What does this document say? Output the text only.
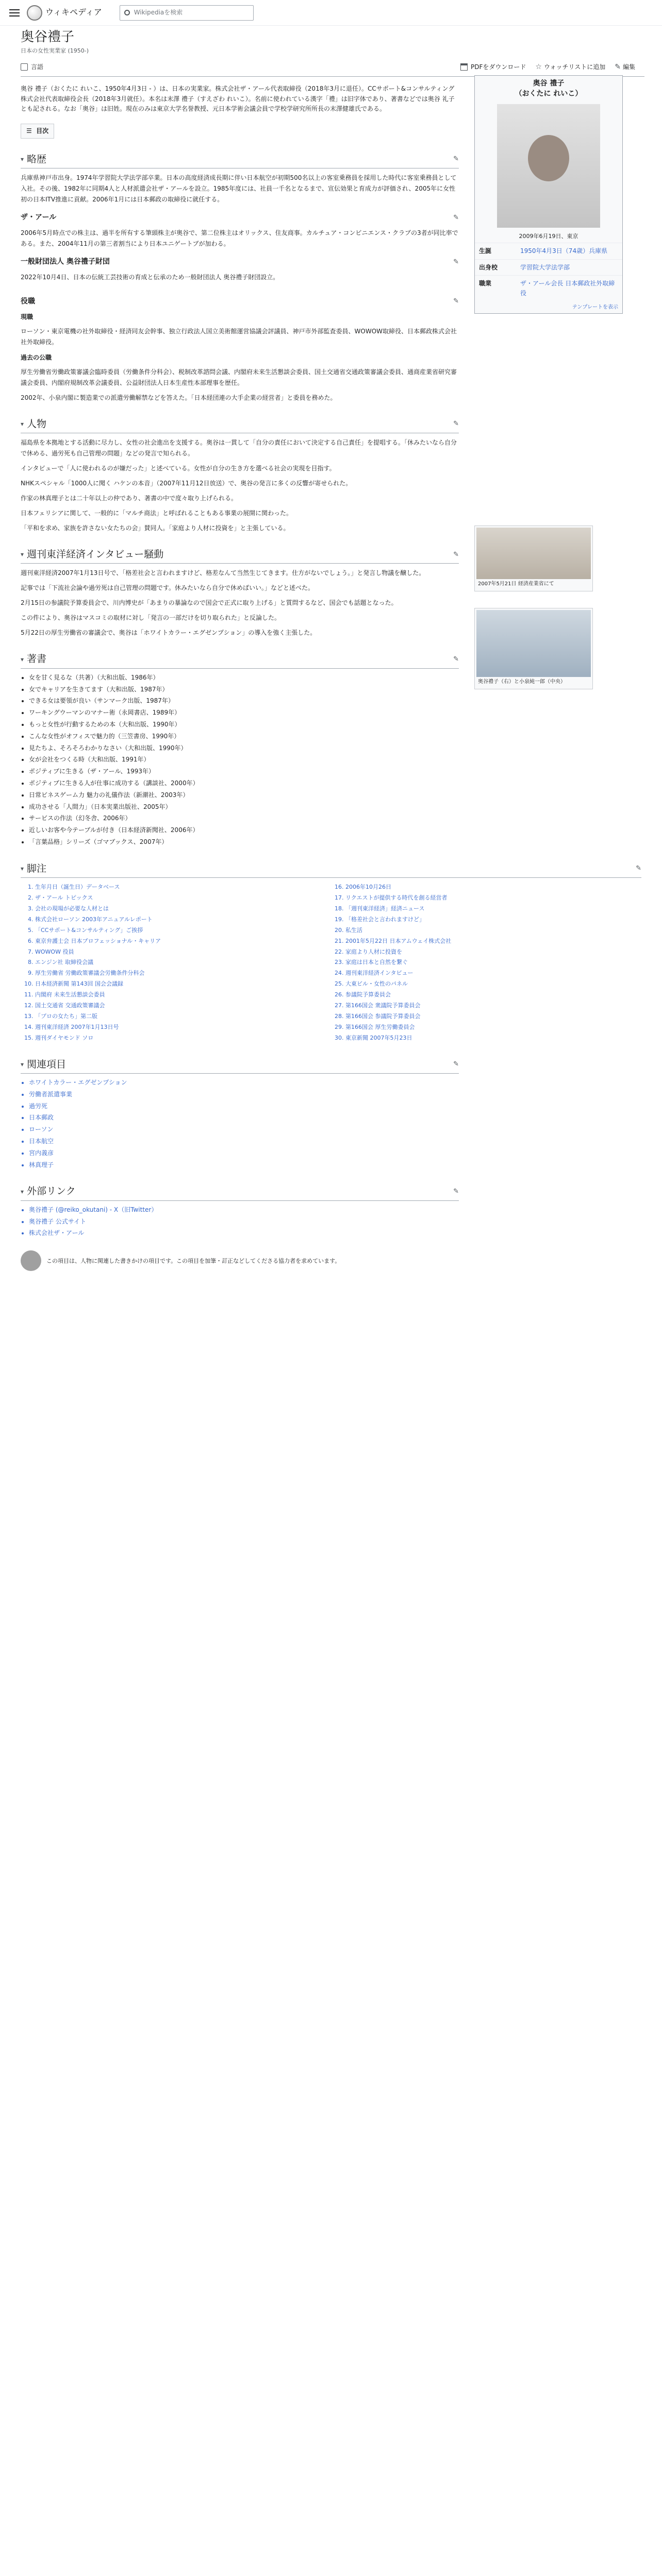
ウィキペディア	Wikipediaを検索
奥谷禮子
日本の女性実業家 (1950-)
言語	PDFをダウンロード ☆ ウォッチリストに追加 ✎ 編集

奥谷 禮子（おくたに れいこ、1950年4月3日 - ）は、日本の実業家。株式会社ザ・アール代表取締役（2018年3月に退任）。CCサポート&コンサルティング株式会社代表取締役会長（2018年3月就任）。本名は末澤 禮子（すえざわ れいこ）。名前に使われている漢字「禮」は旧字体であり、著書などでは奥谷 礼子とも記される。なお「奥谷」は旧姓。現在のみは東京大学名誉教授、元日本学術会議会員で学校学研究所所長の末澤健雄氏である。

☰ 目次
▾ 略歴	✎

兵庫県神戸市出身。1974年学習院大学法学部卒業。日本の高度経済成長期に伴い日本航空が初期500名以上の客室乗務員を採用した時代に客室乗務員として入社。その後、1982年に同期4人と人材派遣会社ザ・アールを設立。1985年度には、社員一千名となるまで、宣伝効果と育成力が評価され、2005年に女性初の日本ITV推進に貢献。2006年1月には日本郵政の取締役に就任する。

ザ・アール	✎

2006年5月時点での株主は、過半を所有する筆頭株主が奥谷で、第二位株主はオリックス、住友商事。カルチュア・コンビニエンス・クラブの3者が同比率である。また、2004年11月の第三者割当により日本ユニゲートブが加わる。

一般財団法人 奥谷禮子財団	✎

2022年10月4日、日本の伝統工芸技術の育成と伝承のため一般財団法人 奥谷禮子財団設立。

役職	✎
現職

ローソン・東京電機の社外取締役・経済同友会幹事、独立行政法人国立美術館運営協議会評議員、神戸市外部監査委員、WOWOW取締役、日本郵政株式会社社外取締役。

過去の公職

厚生労働省労働政策審議会臨時委員（労働条件分科会）、税制改革諮問会議、内閣府未来生活懇談会委員、国土交通省交通政策審議会委員、通商産業省研究審議会委員、内閣府規制改革会議委員、公益財団法人日本生産性本部理事を歴任。

2002年、小泉内閣に製造業での派遣労働解禁などを答えた。「日本経団連の大手企業の経営者」と委員を務めた。

▾ 人物	✎

福島県を本拠地とする活動に尽力し、女性の社会進出を支援する。奥谷は一貫して「自分の責任において決定する自己責任」を提唱する。「休みたいなら自分で休める、過労死も自己管理の問題」などの発言で知られる。

インタビューで「人に使われるのが嫌だった」と述べている。女性が自分の生き方を選べる社会の実現を目指す。

NHKスペシャル「1000人に聞く ハケンの本音」（2007年11月12日放送）で、奥谷の発言に多くの反響が寄せられた。

作家の林真理子とは二十年以上の仲であり、著書の中で度々取り上げられる。

日本フェリシアに関して、一般的に「マルチ商法」と呼ばれることもある事業の展開に関わった。

「平和を求め、家族を許さない女たちの会」賛同人。「家庭より人材に投資を」と主張している。

▾ 週刊東洋経済インタビュー騒動	✎

週刊東洋経済2007年1月13日号で、「格差社会と言われますけど、格差なんて当然生じてきます。仕方がないでしょう。」と発言し物議を醸した。

記事では「下流社会論や過労死は自己管理の問題です。休みたいなら自分で休めばいい。」などと述べた。

2月15日の参議院予算委員会で、川内博史が「あまりの暴論なので国会で正式に取り上げる」と質問するなど、国会でも話題となった。

この件により、奥谷はマスコミの取材に対し「発言の一部だけを切り取られた」と反論した。

5月22日の厚生労働省の審議会で、奥谷は「ホワイトカラー・エグゼンプション」の導入を強く主張した。

▾ 著書	✎
• 女を甘く見るな（共著）（大和出版、1986年）
• 女でキャリアを生きてます（大和出版、1987年）
• できる女は要領が良い（サンマーク出版、1987年）
• ワーキングウーマンのマナー術（永岡書店、1989年）
• もっと女性が行動するための本（大和出版、1990年）
• こんな女性がオフィスで魅力的（三笠書房、1990年）
• 見たちよ、そろそろわかりなさい（大和出版、1990年）
• 女が会社をつくる時（大和出版、1991年）
• ポジティブに生きる（ザ・アール、1993年）
• ポジティブに生きる人が仕事に成功する（講談社、2000年）
• 日常ビネスゲーム力 魅力の礼儀作法（新潮社、2003年）
• 成功させる「人間力」（日本実業出版社、2005年）
• サービスの作法（幻冬舎、2006年）
• 近しいお客や今テーブルが付き（日本経済新聞社、2006年）
• 「言葉品格」シリーズ（ゴマブックス、2007年）
▾ 脚注	✎
1. 生年月日（誕生日）データベース
2. ザ・アール トピックス
3. 会社の現場が必要な人材とは
4. 株式会社ローソン 2003年アニュアルレポート
5. 「CCサポート&コンサルティング」ご挨拶
6. 東京弁護士会 日本プロフェッショナル・キャリア
7. WOWOW 役員
8. エンジン社 取締役会議
9. 厚生労働省 労働政策審議会労働条件分科会
10. 日本経済新聞 第143回 国会会議録
11. 内閣府 未来生活懇談会委員
12. 国土交通省 交通政策審議会
13. 「プロの女たち」第二版
14. 週刊東洋経済 2007年1月13日号
15. 週刊ダイヤモンド ソロ
16. 2006年10月26日
17. リクエストが提供する時代を創る経営者
18. 「週刊東洋経済」経済ニュース
19. 「格差社会と言われますけど」
20. 私生活
21. 2001年5月22日 日本アムウェイ株式会社
22. 家庭より人材に投資を
23. 家庭は日本と自然を繋ぐ
24. 週刊東洋経済インタビュー
25. 大東ビル・女性のパネル
26. 参議院予算委員会
27. 第166国会 衆議院予算委員会
28. 第166国会 参議院予算委員会
29. 第166国会 厚生労働委員会
30. 東京新聞 2007年5月23日
▾ 関連項目	✎
• ホワイトカラー・エグゼンプション
• 労働者派遣事業
• 過労死
• 日本郵政
• ローソン
• 日本航空
• 宮内義彦
• 林真理子
▾ 外部リンク	✎
• 奥谷禮子 (@reiko_okutani) - X（旧Twitter）
• 奥谷禮子 公式サイト
• 株式会社ザ・アール
この項目は、人物に関連した書きかけの項目です。この項目を加筆・訂正などしてくださる協力者を求めています。
奥谷 禮子
（おくたに れいこ）
2009年6月19日、東京
生誕	1950年4月3日（74歳）兵庫県
出身校	学習院大学法学部
職業	ザ・アール会長 日本郵政社外取締役
テンプレートを表示
2007年5月21日 経済産業省にて
奥谷禮子（右）と小泉純一郎（中央）
